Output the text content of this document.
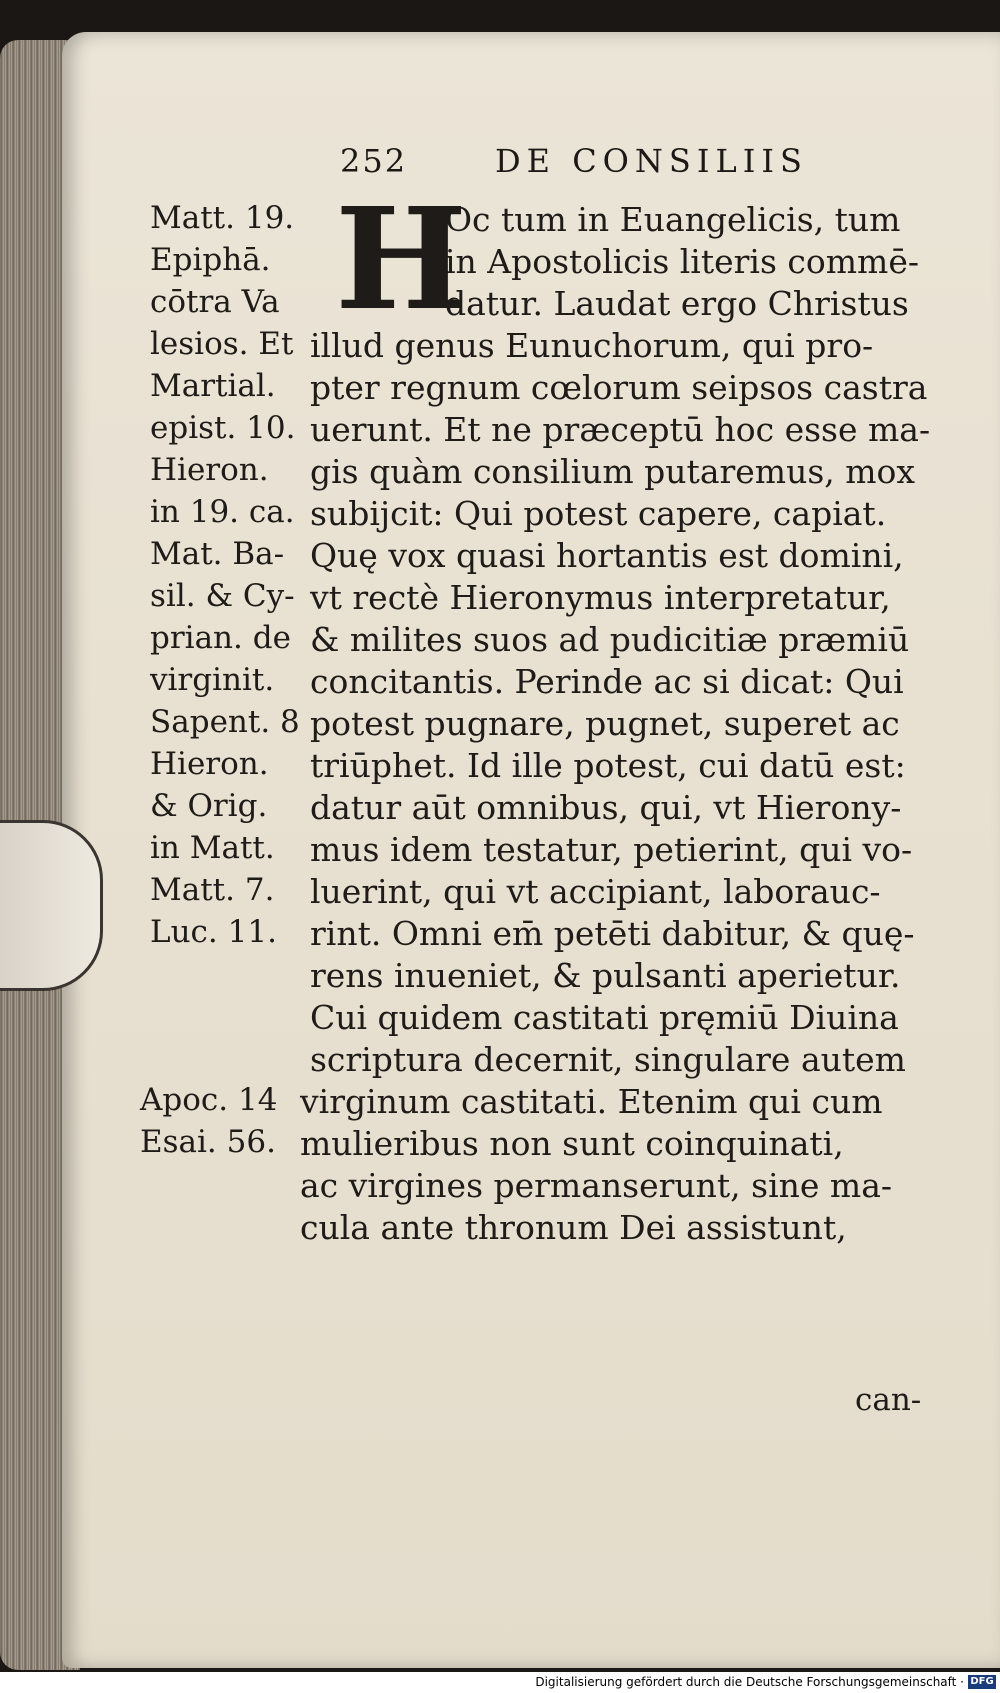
252	DE CONSILIIS
H
Matt. 19.
Epiphā.
cōtra Va
lesios. Et
Martial.
epist. 10.
Hieron.
in 19. ca.
Mat. Ba-
sil. & Cy-
prian. de
virginit.
Sapent. 8
Hieron.
& Orig.
in Matt.
Matt. 7.
Luc. 11.
Apoc. 14
Esai. 56.
Oc tum in Euangelicis, tum
in Apostolicis literis commē-
datur. Laudat ergo Christus
illud genus Eunuchorum, qui pro-
pter regnum cœlorum seipsos castra
uerunt. Et ne præceptū hoc esse ma-
gis quàm consilium putaremus, mox
subijcit: Qui potest capere, capiat.
Quę vox quasi hortantis est domini,
vt rectè Hieronymus interpretatur,
& milites suos ad pudicitiæ præmiū
concitantis. Perinde ac si dicat: Qui
potest pugnare, pugnet, superet ac
triūphet. Id ille potest, cui datū est:
datur aūt omnibus, qui, vt Hierony-
mus idem testatur, petierint, qui vo-
luerint, qui vt accipiant, laborauc-
rint. Omni em̄ petēti dabitur, & quę-
rens inueniet, & pulsanti aperietur.
Cui quidem castitati pręmiū Diuina
scriptura decernit, singulare autem
virginum castitati. Etenim qui cum
mulieribus non sunt coinquinati,
ac virgines permanserunt, sine ma-
cula ante thronum Dei assistunt,
can-
Digitalisierung gefördert durch die Deutsche Forschungsgemeinschaft · DFG
